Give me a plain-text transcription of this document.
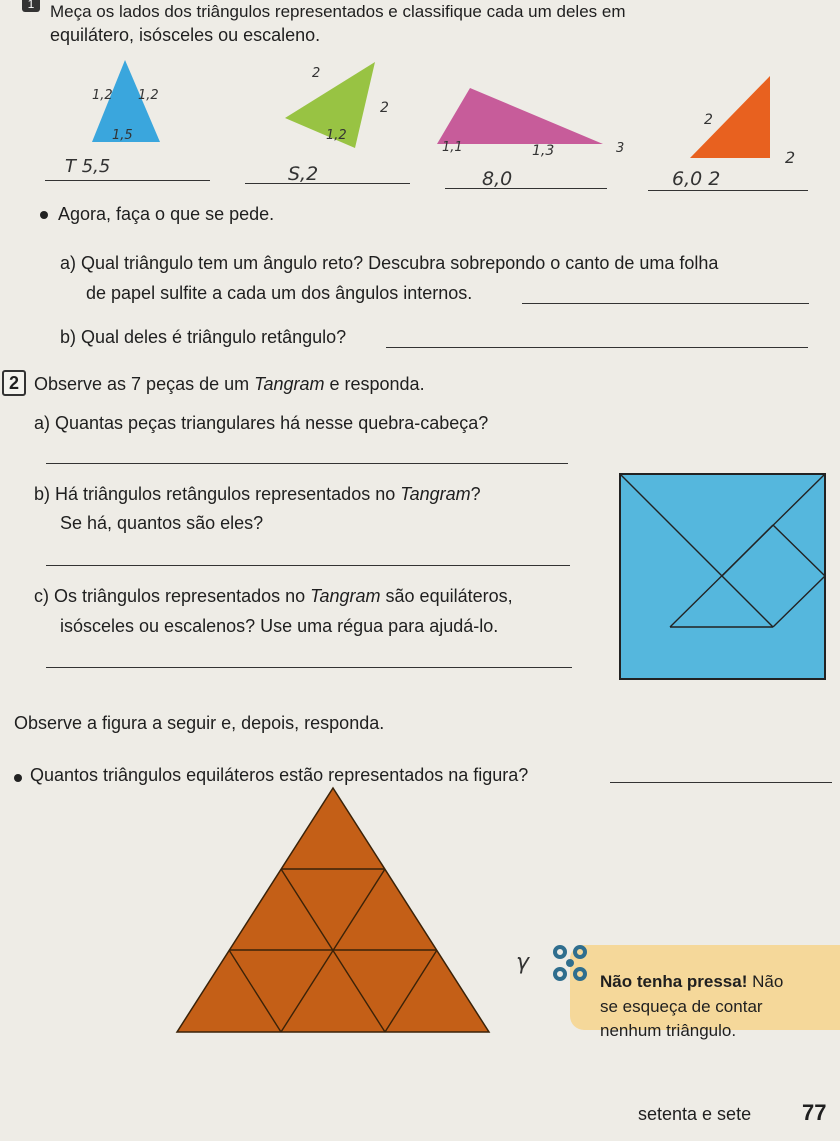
1 Meça os lados dos triângulos representados e classifique cada um deles em

equilátero, isósceles ou escaleno.

1,2 1,2
1,5
2
2
1,2
1,1	1,3	3
2
2
T 5,5	S,2	8,0	6,0 2

Agora, faça o que se pede.

a) Qual triângulo tem um ângulo reto? Descubra sobrepondo o canto de uma folha

de papel sulfite a cada um dos ângulos internos.

b) Qual deles é triângulo retângulo?

2 Observe as 7 peças de um Tangram e responda.

a) Quantas peças triangulares há nesse quebra-cabeça?

b) Há triângulos retângulos representados no Tangram?

Se há, quantos são eles?

c) Os triângulos representados no Tangram são equiláteros,

isósceles ou escalenos? Use uma régua para ajudá-lo.

Observe a figura a seguir e, depois, responda.

Quantos triângulos equiláteros estão representados na figura?

γ

Não tenha pressa! Não

se esqueça de contar

nenhum triângulo.

setenta e sete 77
